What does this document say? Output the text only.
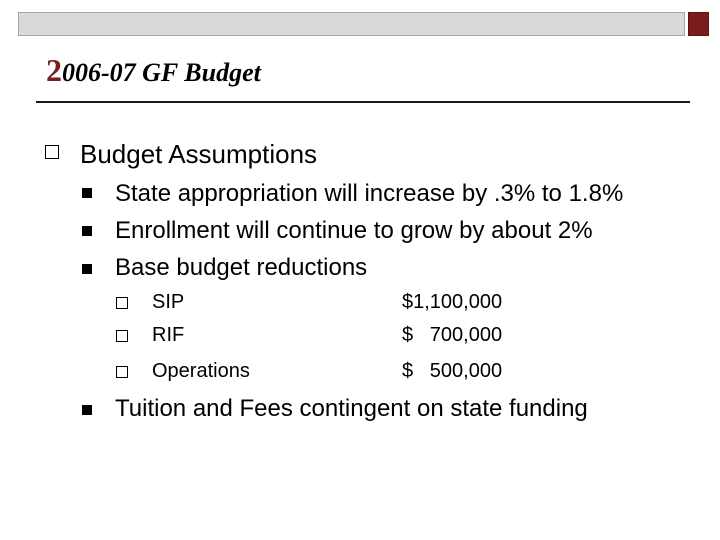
2006-07 GF Budget
Budget Assumptions
State appropriation will increase by .3% to 1.8%
Enrollment will continue to grow by about 2%
Base budget reductions
SIP	$1,100,000
RIF	$   700,000
Operations	$   500,000
Tuition and Fees contingent on state funding
